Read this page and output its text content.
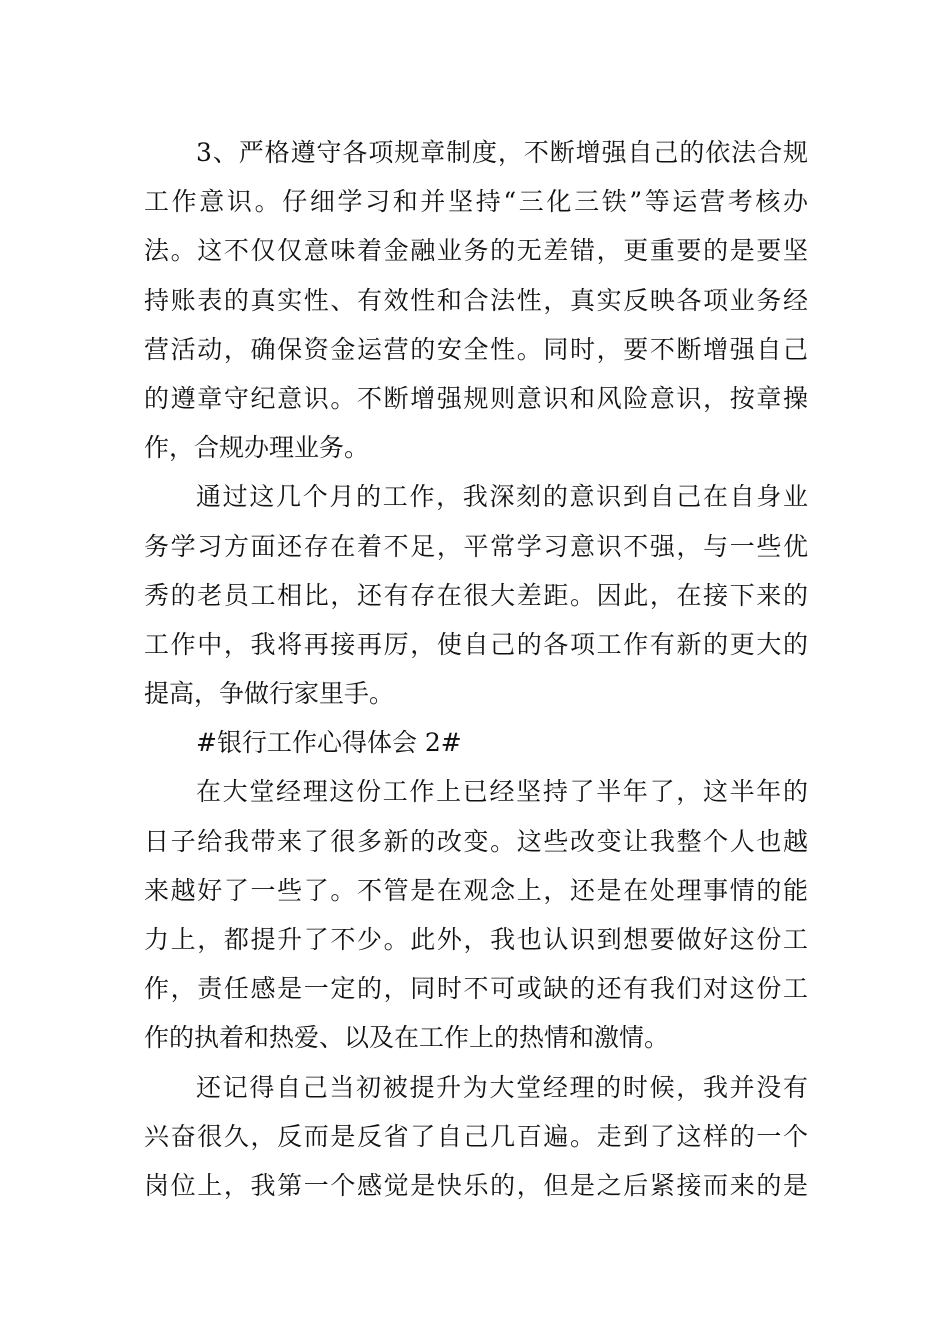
3、严格遵守各项规章制度，不断增强自己的依法合规
工作意识。仔细学习和并坚持“三化三铁”等运营考核办
法。这不仅仅意味着金融业务的无差错，更重要的是要坚
持账表的真实性、有效性和合法性，真实反映各项业务经
营活动，确保资金运营的安全性。同时，要不断增强自己
的遵章守纪意识。不断增强规则意识和风险意识，按章操
作，合规办理业务。
通过这几个月的工作，我深刻的意识到自己在自身业
务学习方面还存在着不足，平常学习意识不强，与一些优
秀的老员工相比，还有存在很大差距。因此，在接下来的
工作中，我将再接再厉，使自己的各项工作有新的更大的
提高，争做行家里手。
#银行工作心得体会 2#
在大堂经理这份工作上已经坚持了半年了，这半年的
日子给我带来了很多新的改变。这些改变让我整个人也越
来越好了一些了。不管是在观念上，还是在处理事情的能
力上，都提升了不少。此外，我也认识到想要做好这份工
作，责任感是一定的，同时不可或缺的还有我们对这份工
作的执着和热爱、以及在工作上的热情和激情。
还记得自己当初被提升为大堂经理的时候，我并没有
兴奋很久，反而是反省了自己几百遍。走到了这样的一个
岗位上，我第一个感觉是快乐的，但是之后紧接而来的是
